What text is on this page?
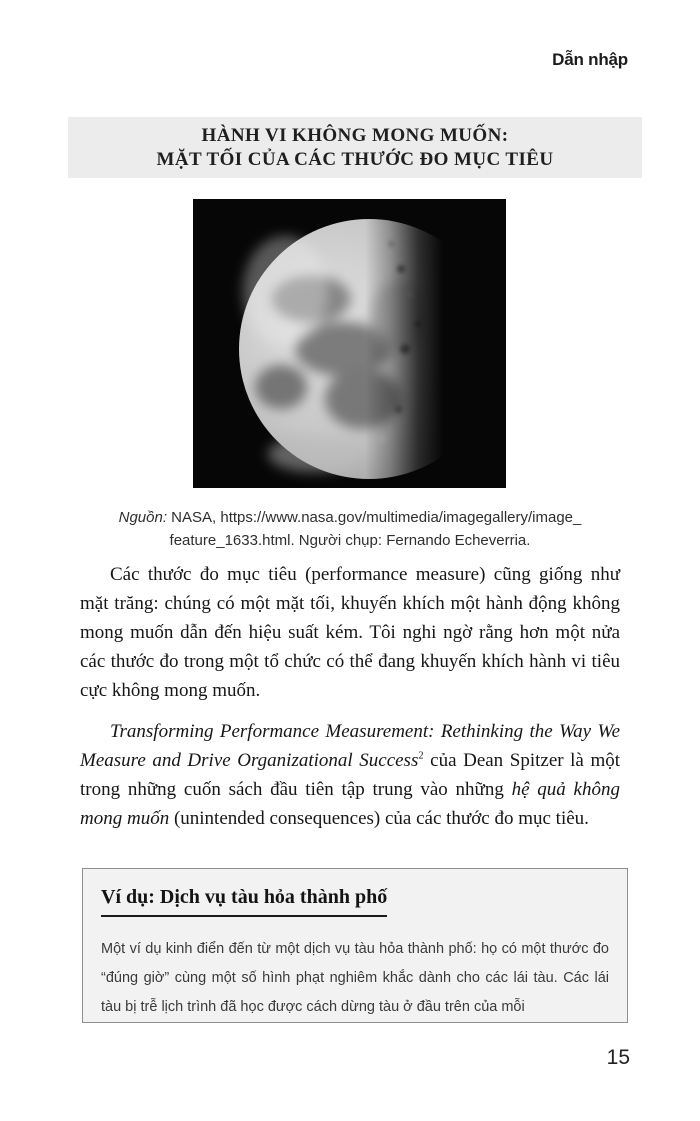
Dẫn nhập
HÀNH VI KHÔNG MONG MUỐN:
MẶT TỐI CỦA CÁC THƯỚC ĐO MỤC TIÊU
Nguồn: NASA, https://www.nasa.gov/multimedia/imagegallery/image_
feature_1633.html. Người chụp: Fernando Echeverria.

Các thước đo mục tiêu (performance measure) cũng giống như mặt trăng: chúng có một mặt tối, khuyến khích một hành động không mong muốn dẫn đến hiệu suất kém. Tôi nghi ngờ rằng hơn một nửa các thước đo trong một tổ chức có thể đang khuyến khích hành vi tiêu cực không mong muốn.

Transforming Performance Measurement: Rethinking the Way We Measure and Drive Organizational Success$^2$ của Dean Spitzer là một trong những cuốn sách đầu tiên tập trung vào những hệ quả không mong muốn (unintended consequences) của các thước đo mục tiêu.

Ví dụ: Dịch vụ tàu hỏa thành phố

Một ví dụ kinh điển đến từ một dịch vụ tàu hỏa thành phố: họ có một thước đo “đúng giờ” cùng một số hình phạt nghiêm khắc dành cho các lái tàu. Các lái tàu bị trễ lịch trình đã học được cách dừng tàu ở đầu trên của mỗi

15
